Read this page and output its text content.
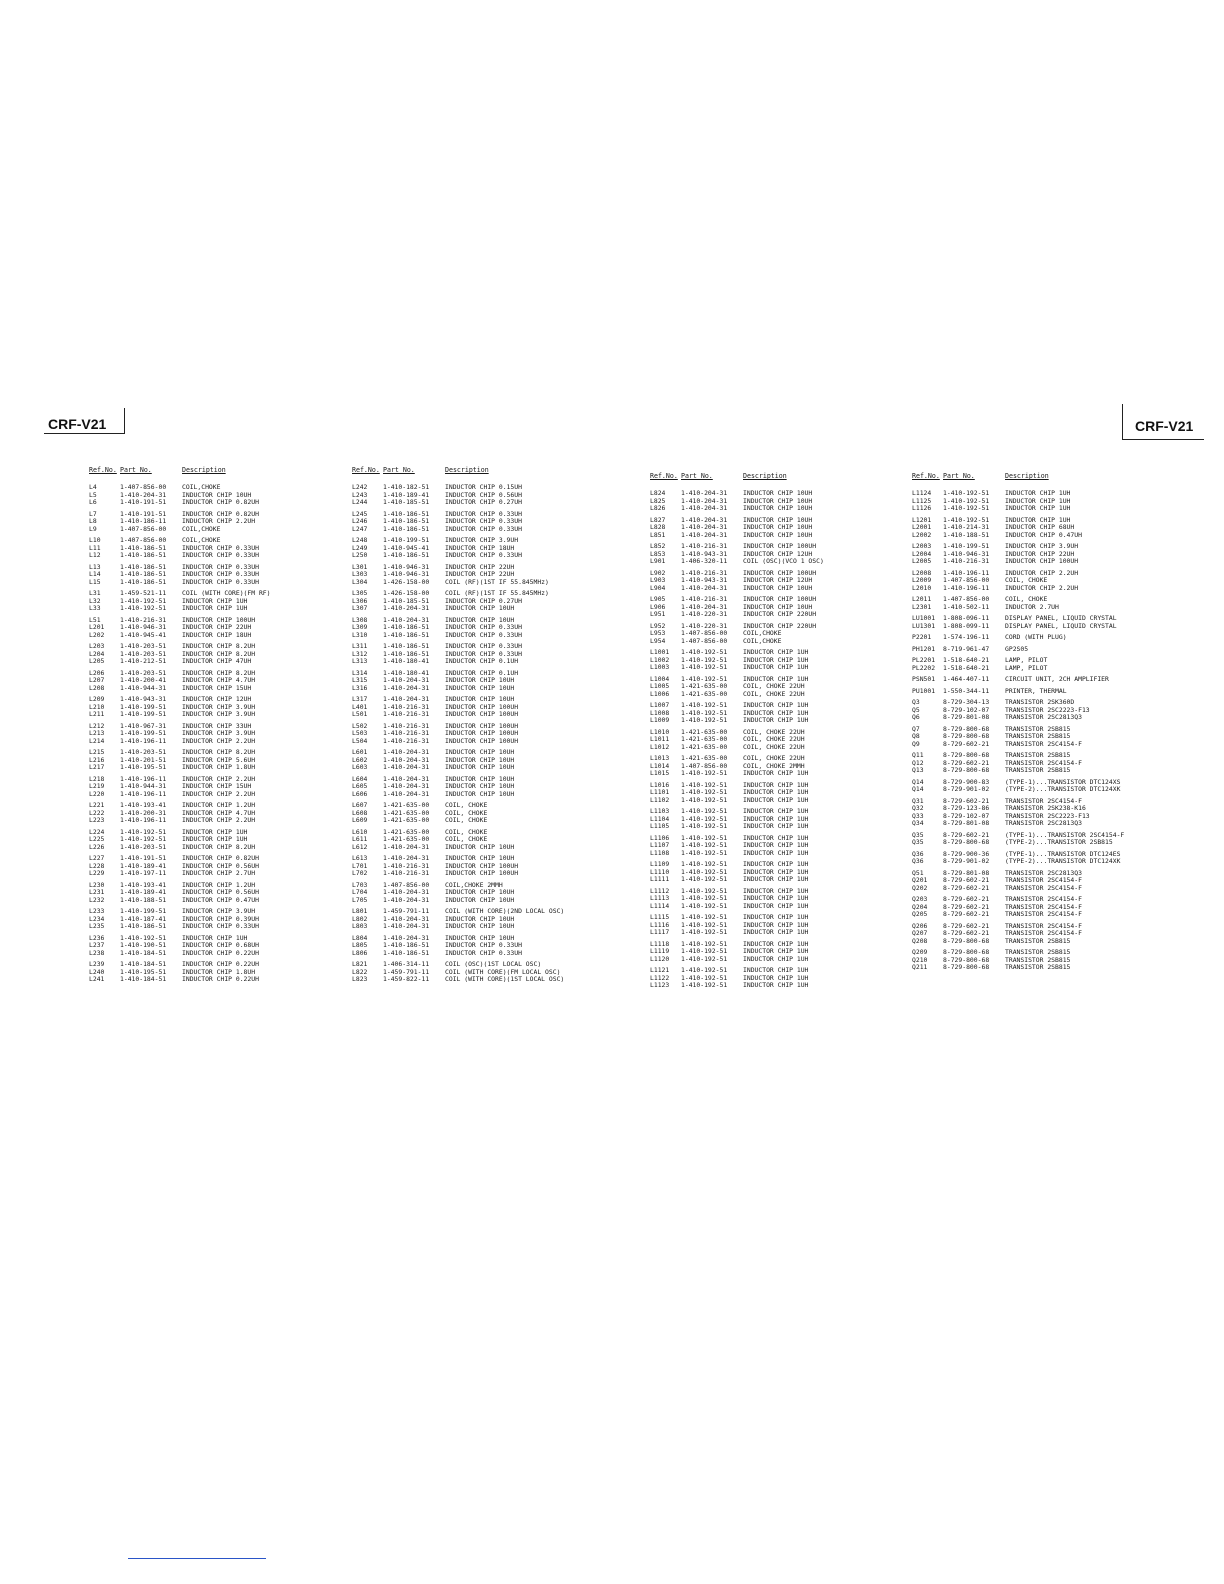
CRF-V21	CRF-V21
Ref.No. Part No.	Description
L4	1-407-856-00	COIL,CHOKE
L5	1-410-204-31	INDUCTOR CHIP 10UH
L6	1-410-191-51	INDUCTOR CHIP 0.82UH
L7	1-410-191-51	INDUCTOR CHIP 0.82UH
L8	1-410-186-11	INDUCTOR CHIP 2.2UH
L9	1-407-856-00	COIL,CHOKE
L10	1-407-856-00	COIL,CHOKE
L11	1-410-186-51	INDUCTOR CHIP 0.33UH
L12	1-410-186-51	INDUCTOR CHIP 0.33UH
L13	1-410-186-51	INDUCTOR CHIP 0.33UH
L14	1-410-186-51	INDUCTOR CHIP 0.33UH
L15	1-410-186-51	INDUCTOR CHIP 0.33UH
L31	1-459-521-11	COIL (WITH CORE)(FM RF)
L32	1-410-192-51	INDUCTOR CHIP 1UH
L33	1-410-192-51	INDUCTOR CHIP 1UH
L51	1-410-216-31	INDUCTOR CHIP 100UH
L201	1-410-946-31	INDUCTOR CHIP 22UH
L202	1-410-945-41	INDUCTOR CHIP 18UH
L203	1-410-203-51	INDUCTOR CHIP 8.2UH
L204	1-410-203-51	INDUCTOR CHIP 8.2UH
L205	1-410-212-51	INDUCTOR CHIP 47UH
L206	1-410-203-51	INDUCTOR CHIP 8.2UH
L207	1-410-200-41	INDUCTOR CHIP 4.7UH
L208	1-410-944-31	INDUCTOR CHIP 15UH
L209	1-410-943-31	INDUCTOR CHIP 12UH
L210	1-410-199-51	INDUCTOR CHIP 3.9UH
L211	1-410-199-51	INDUCTOR CHIP 3.9UH
L212	1-410-967-31	INDUCTOR CHIP 33UH
L213	1-410-199-51	INDUCTOR CHIP 3.9UH
L214	1-410-196-11	INDUCTOR CHIP 2.2UH
L215	1-410-203-51	INDUCTOR CHIP 8.2UH
L216	1-410-201-51	INDUCTOR CHIP 5.6UH
L217	1-410-195-51	INDUCTOR CHIP 1.8UH
L218	1-410-196-11	INDUCTOR CHIP 2.2UH
L219	1-410-944-31	INDUCTOR CHIP 15UH
L220	1-410-196-11	INDUCTOR CHIP 2.2UH
L221	1-410-193-41	INDUCTOR CHIP 1.2UH
L222	1-410-200-31	INDUCTOR CHIP 4.7UH
L223	1-410-196-11	INDUCTOR CHIP 2.2UH
L224	1-410-192-51	INDUCTOR CHIP 1UH
L225	1-410-192-51	INDUCTOR CHIP 1UH
L226	1-410-203-51	INDUCTOR CHIP 8.2UH
L227	1-410-191-51	INDUCTOR CHIP 0.82UH
L228	1-410-189-41	INDUCTOR CHIP 0.56UH
L229	1-410-197-11	INDUCTOR CHIP 2.7UH
L230	1-410-193-41	INDUCTOR CHIP 1.2UH
L231	1-410-189-41	INDUCTOR CHIP 0.56UH
L232	1-410-188-51	INDUCTOR CHIP 0.47UH
L233	1-410-199-51	INDUCTOR CHIP 3.9UH
L234	1-410-187-41	INDUCTOR CHIP 0.39UH
L235	1-410-186-51	INDUCTOR CHIP 0.33UH
L236	1-410-192-51	INDUCTOR CHIP 1UH
L237	1-410-190-51	INDUCTOR CHIP 0.68UH
L238	1-410-184-51	INDUCTOR CHIP 0.22UH
L239	1-410-184-51	INDUCTOR CHIP 0.22UH
L240	1-410-195-51	INDUCTOR CHIP 1.8UH
L241	1-410-184-51	INDUCTOR CHIP 0.22UH
Ref.No. Part No.	Description
L242	1-410-182-51	INDUCTOR CHIP 0.15UH
L243	1-410-189-41	INDUCTOR CHIP 0.56UH
L244	1-410-185-51	INDUCTOR CHIP 0.27UH
L245	1-410-186-51	INDUCTOR CHIP 0.33UH
L246	1-410-186-51	INDUCTOR CHIP 0.33UH
L247	1-410-186-51	INDUCTOR CHIP 0.33UH
L248	1-410-199-51	INDUCTOR CHIP 3.9UH
L249	1-410-945-41	INDUCTOR CHIP 18UH
L250	1-410-186-51	INDUCTOR CHIP 0.33UH
L301	1-410-946-31	INDUCTOR CHIP 22UH
L303	1-410-946-31	INDUCTOR CHIP 22UH
L304	1-426-158-00	COIL (RF)(1ST IF 55.845MHz)
L305	1-426-158-00	COIL (RF)(1ST IF 55.845MHz)
L306	1-410-185-51	INDUCTOR CHIP 0.27UH
L307	1-410-204-31	INDUCTOR CHIP 10UH
L308	1-410-204-31	INDUCTOR CHIP 10UH
L309	1-410-186-51	INDUCTOR CHIP 0.33UH
L310	1-410-186-51	INDUCTOR CHIP 0.33UH
L311	1-410-186-51	INDUCTOR CHIP 0.33UH
L312	1-410-186-51	INDUCTOR CHIP 0.33UH
L313	1-410-180-41	INDUCTOR CHIP 0.1UH
L314	1-410-180-41	INDUCTOR CHIP 0.1UH
L315	1-410-204-31	INDUCTOR CHIP 10UH
L316	1-410-204-31	INDUCTOR CHIP 10UH
L317	1-410-204-31	INDUCTOR CHIP 10UH
L401	1-410-216-31	INDUCTOR CHIP 100UH
L501	1-410-216-31	INDUCTOR CHIP 100UH
L502	1-410-216-31	INDUCTOR CHIP 100UH
L503	1-410-216-31	INDUCTOR CHIP 100UH
L504	1-410-216-31	INDUCTOR CHIP 100UH
L601	1-410-204-31	INDUCTOR CHIP 10UH
L602	1-410-204-31	INDUCTOR CHIP 10UH
L603	1-410-204-31	INDUCTOR CHIP 10UH
L604	1-410-204-31	INDUCTOR CHIP 10UH
L605	1-410-204-31	INDUCTOR CHIP 10UH
L606	1-410-204-31	INDUCTOR CHIP 10UH
L607	1-421-635-00	COIL, CHOKE
L608	1-421-635-00	COIL, CHOKE
L609	1-421-635-00	COIL, CHOKE
L610	1-421-635-00	COIL, CHOKE
L611	1-421-635-00	COIL, CHOKE
L612	1-410-204-31	INDUCTOR CHIP 10UH
L613	1-410-204-31	INDUCTOR CHIP 10UH
L701	1-410-216-31	INDUCTOR CHIP 100UH
L702	1-410-216-31	INDUCTOR CHIP 100UH
L703	1-407-856-00	COIL,CHOKE 2MMH
L704	1-410-204-31	INDUCTOR CHIP 10UH
L705	1-410-204-31	INDUCTOR CHIP 10UH
L801	1-459-791-11	COIL (WITH CORE)(2ND LOCAL OSC)
L802	1-410-204-31	INDUCTOR CHIP 10UH
L803	1-410-204-31	INDUCTOR CHIP 10UH
L804	1-410-204-31	INDUCTOR CHIP 10UH
L805	1-410-186-51	INDUCTOR CHIP 0.33UH
L806	1-410-186-51	INDUCTOR CHIP 0.33UH
L821	1-406-314-11	COIL (OSC)(1ST LOCAL OSC)
L822	1-459-791-11	COIL (WITH CORE)(FM LOCAL OSC)
L823	1-459-822-11	COIL (WITH CORE)(1ST LOCAL OSC)
Ref.No. Part No.	Description
L824	1-410-204-31	INDUCTOR CHIP 10UH
L825	1-410-204-31	INDUCTOR CHIP 10UH
L826	1-410-204-31	INDUCTOR CHIP 10UH
L827	1-410-204-31	INDUCTOR CHIP 10UH
L828	1-410-204-31	INDUCTOR CHIP 10UH
L851	1-410-204-31	INDUCTOR CHIP 10UH
L852	1-410-216-31	INDUCTOR CHIP 100UH
L853	1-410-943-31	INDUCTOR CHIP 12UH
L901	1-406-320-11	COIL (OSC)(VCO 1 OSC)
L902	1-410-216-31	INDUCTOR CHIP 100UH
L903	1-410-943-31	INDUCTOR CHIP 12UH
L904	1-410-204-31	INDUCTOR CHIP 10UH
L905	1-410-216-31	INDUCTOR CHIP 100UH
L906	1-410-204-31	INDUCTOR CHIP 10UH
L951	1-410-220-31	INDUCTOR CHIP 220UH
L952	1-410-220-31	INDUCTOR CHIP 220UH
L953	1-407-856-00	COIL,CHOKE
L954	1-407-856-00	COIL,CHOKE
L1001	1-410-192-51	INDUCTOR CHIP 1UH
L1002	1-410-192-51	INDUCTOR CHIP 1UH
L1003	1-410-192-51	INDUCTOR CHIP 1UH
L1004	1-410-192-51	INDUCTOR CHIP 1UH
L1005	1-421-635-00	COIL, CHOKE 22UH
L1006	1-421-635-00	COIL, CHOKE 22UH
L1007	1-410-192-51	INDUCTOR CHIP 1UH
L1008	1-410-192-51	INDUCTOR CHIP 1UH
L1009	1-410-192-51	INDUCTOR CHIP 1UH
L1010	1-421-635-00	COIL, CHOKE 22UH
L1011	1-421-635-00	COIL, CHOKE 22UH
L1012	1-421-635-00	COIL, CHOKE 22UH
L1013	1-421-635-00	COIL, CHOKE 22UH
L1014	1-407-856-00	COIL, CHOKE 2MMH
L1015	1-410-192-51	INDUCTOR CHIP 1UH
L1016	1-410-192-51	INDUCTOR CHIP 1UH
L1101	1-410-192-51	INDUCTOR CHIP 1UH
L1102	1-410-192-51	INDUCTOR CHIP 1UH
L1103	1-410-192-51	INDUCTOR CHIP 1UH
L1104	1-410-192-51	INDUCTOR CHIP 1UH
L1105	1-410-192-51	INDUCTOR CHIP 1UH
L1106	1-410-192-51	INDUCTOR CHIP 1UH
L1107	1-410-192-51	INDUCTOR CHIP 1UH
L1108	1-410-192-51	INDUCTOR CHIP 1UH
L1109	1-410-192-51	INDUCTOR CHIP 1UH
L1110	1-410-192-51	INDUCTOR CHIP 1UH
L1111	1-410-192-51	INDUCTOR CHIP 1UH
L1112	1-410-192-51	INDUCTOR CHIP 1UH
L1113	1-410-192-51	INDUCTOR CHIP 1UH
L1114	1-410-192-51	INDUCTOR CHIP 1UH
L1115	1-410-192-51	INDUCTOR CHIP 1UH
L1116	1-410-192-51	INDUCTOR CHIP 1UH
L1117	1-410-192-51	INDUCTOR CHIP 1UH
L1118	1-410-192-51	INDUCTOR CHIP 1UH
L1119	1-410-192-51	INDUCTOR CHIP 1UH
L1120	1-410-192-51	INDUCTOR CHIP 1UH
L1121	1-410-192-51	INDUCTOR CHIP 1UH
L1122	1-410-192-51	INDUCTOR CHIP 1UH
L1123	1-410-192-51	INDUCTOR CHIP 1UH
Ref.No. Part No.	Description
L1124	1-410-192-51	INDUCTOR CHIP 1UH
L1125	1-410-192-51	INDUCTOR CHIP 1UH
L1126	1-410-192-51	INDUCTOR CHIP 1UH
L1201	1-410-192-51	INDUCTOR CHIP 1UH
L2001	1-410-214-31	INDUCTOR CHIP 68UH
L2002	1-410-188-51	INDUCTOR CHIP 0.47UH
L2003	1-410-199-51	INDUCTOR CHIP 3.9UH
L2004	1-410-946-31	INDUCTOR CHIP 22UH
L2005	1-410-216-31	INDUCTOR CHIP 100UH
L2008	1-410-196-11	INDUCTOR CHIP 2.2UH
L2009	1-407-856-00	COIL, CHOKE
L2010	1-410-196-11	INDUCTOR CHIP 2.2UH
L2011	1-407-856-00	COIL, CHOKE
L2301	1-410-502-11	INDUCTOR 2.7UH
LU1001	1-808-096-11	DISPLAY PANEL, LIQUID CRYSTAL
LU1301	1-808-099-11	DISPLAY PANEL, LIQUID CRYSTAL
P2201	1-574-196-11	CORD (WITH PLUG)
PH1201	8-719-961-47	GP2S05
PL2201	1-518-640-21	LAMP, PILOT
PL2202	1-518-640-21	LAMP, PILOT
PSN501	1-464-407-11	CIRCUIT UNIT, 2CH AMPLIFIER
PU1001	1-550-344-11	PRINTER, THERMAL
Q3	8-729-304-13	TRANSISTOR 2SK360D
Q5	8-729-102-07	TRANSISTOR 2SC2223-F13
Q6	8-729-801-08	TRANSISTOR 2SC2813Q3
Q7	8-729-800-68	TRANSISTOR 2SB815
Q8	8-729-800-68	TRANSISTOR 2SB815
Q9	8-729-602-21	TRANSISTOR 2SC4154-F
Q11	8-729-800-68	TRANSISTOR 2SB815
Q12	8-729-602-21	TRANSISTOR 2SC4154-F
Q13	8-729-800-68	TRANSISTOR 2SB815
Q14	8-729-900-83	(TYPE-1)...TRANSISTOR DTC124XS
Q14	8-729-901-02	(TYPE-2)...TRANSISTOR DTC124XK
Q31	8-729-602-21	TRANSISTOR 2SC4154-F
Q32	8-729-123-86	TRANSISTOR 2SK238-K16
Q33	8-729-102-07	TRANSISTOR 2SC2223-F13
Q34	8-729-801-08	TRANSISTOR 2SC2813Q3
Q35	8-729-602-21	(TYPE-1)...TRANSISTOR 2SC4154-F
Q35	8-729-800-68	(TYPE-2)...TRANSISTOR 2SB815
Q36	8-729-900-36	(TYPE-1)...TRANSISTOR DTC124ES
Q36	8-729-901-02	(TYPE-2)...TRANSISTOR DTC124XK
Q51	8-729-801-08	TRANSISTOR 2SC2813Q3
Q201	8-729-602-21	TRANSISTOR 2SC4154-F
Q202	8-729-602-21	TRANSISTOR 2SC4154-F
Q203	8-729-602-21	TRANSISTOR 2SC4154-F
Q204	8-729-602-21	TRANSISTOR 2SC4154-F
Q205	8-729-602-21	TRANSISTOR 2SC4154-F
Q206	8-729-602-21	TRANSISTOR 2SC4154-F
Q207	8-729-602-21	TRANSISTOR 2SC4154-F
Q208	8-729-800-68	TRANSISTOR 2SB815
Q209	8-729-800-68	TRANSISTOR 2SB815
Q210	8-729-800-68	TRANSISTOR 2SB815
Q211	8-729-800-68	TRANSISTOR 2SB815
